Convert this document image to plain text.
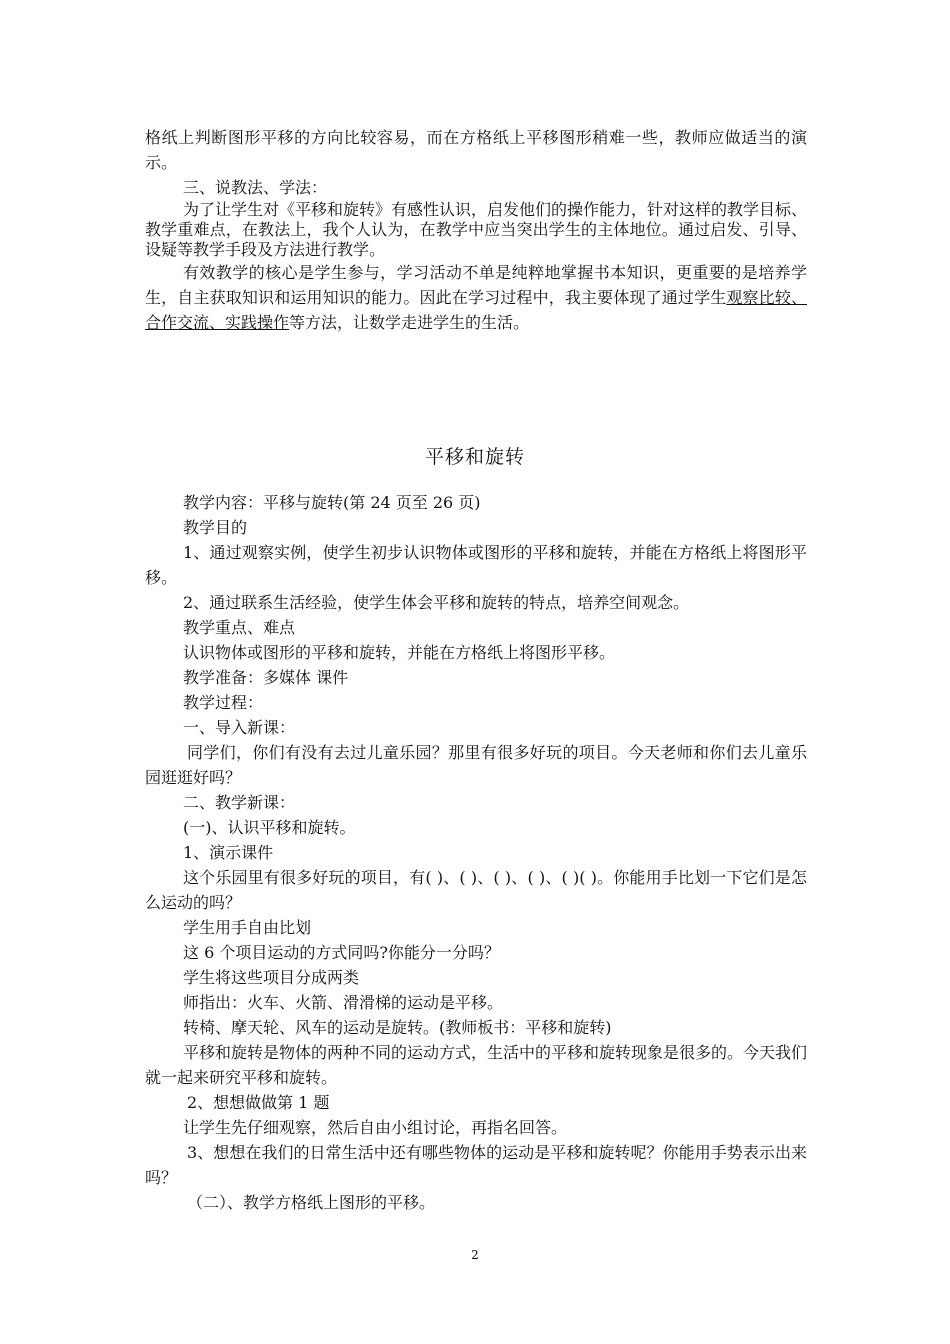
格纸上判断图形平移的方向比较容易，而在方格纸上平移图形稍难一些，教师应做适当的演示。

三、说教法、学法：

为了让学生对《平移和旋转》有感性认识，启发他们的操作能力，针对这样的教学目标、教学重难点，在教法上，我个人认为，在教学中应当突出学生的主体地位。通过启发、引导、设疑等教学手段及方法进行教学。

有效教学的核心是学生参与，学习活动不单是纯粹地掌握书本知识，更重要的是培养学生，自主获取知识和运用知识的能力。因此在学习过程中，我主要体现了通过学生观察比较、合作交流、实践操作等方法，让数学走进学生的生活。

平移和旋转

教学内容：平移与旋转(第 24 页至 26 页)

教学目的

1、通过观察实例，使学生初步认识物体或图形的平移和旋转，并能在方格纸上将图形平移。

2、通过联系生活经验，使学生体会平移和旋转的特点，培养空间观念。

教学重点、难点

认识物体或图形的平移和旋转，并能在方格纸上将图形平移。

教学准备：多媒体 课件

教学过程：

一、导入新课：

同学们，你们有没有去过儿童乐园？那里有很多好玩的项目。今天老师和你们去儿童乐园逛逛好吗？

二、教学新课：

(一)、认识平移和旋转。

1、演示课件

这个乐园里有很多好玩的项目，有( )、( )、( )、( )、( )( )。你能用手比划一下它们是怎么运动的吗？

学生用手自由比划

这 6 个项目运动的方式同吗?你能分一分吗？

学生将这些项目分成两类

师指出：火车、火箭、滑滑梯的运动是平移。

转椅、摩天轮、风车的运动是旋转。(教师板书：平移和旋转)

平移和旋转是物体的两种不同的运动方式，生活中的平移和旋转现象是很多的。今天我们就一起来研究平移和旋转。

2、想想做做第 1 题

让学生先仔细观察，然后自由小组讨论，再指名回答。

3、想想在我们的日常生活中还有哪些物体的运动是平移和旋转呢？你能用手势表示出来吗？

（二）、教学方格纸上图形的平移。

2
